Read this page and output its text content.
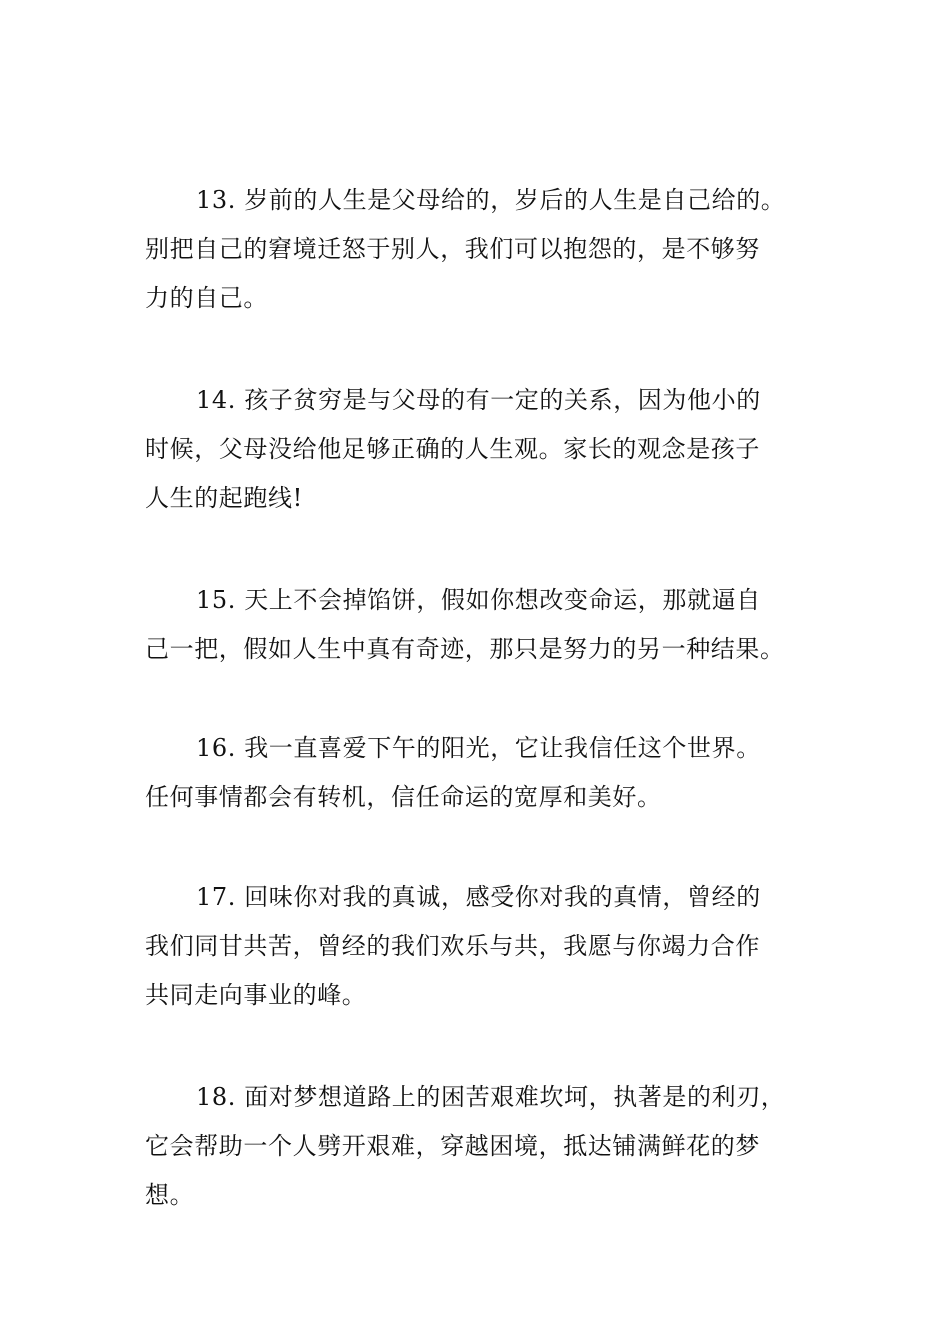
13. 岁前的人生是父母给的，岁后的人生是自己给的。
别把自己的窘境迁怒于别人，我们可以抱怨的，是不够努
力的自己。
14. 孩子贫穷是与父母的有一定的关系，因为他小的
时候，父母没给他足够正确的人生观。家长的观念是孩子
人生的起跑线!
15. 天上不会掉馅饼，假如你想改变命运，那就逼自
己一把，假如人生中真有奇迹，那只是努力的另一种结果。
16. 我一直喜爱下午的阳光，它让我信任这个世界。
任何事情都会有转机，信任命运的宽厚和美好。
17. 回味你对我的真诚，感受你对我的真情，曾经的
我们同甘共苦，曾经的我们欢乐与共，我愿与你竭力合作
共同走向事业的峰。
18. 面对梦想道路上的困苦艰难坎坷，执著是的利刃，
它会帮助一个人劈开艰难，穿越困境，抵达铺满鲜花的梦
想。
